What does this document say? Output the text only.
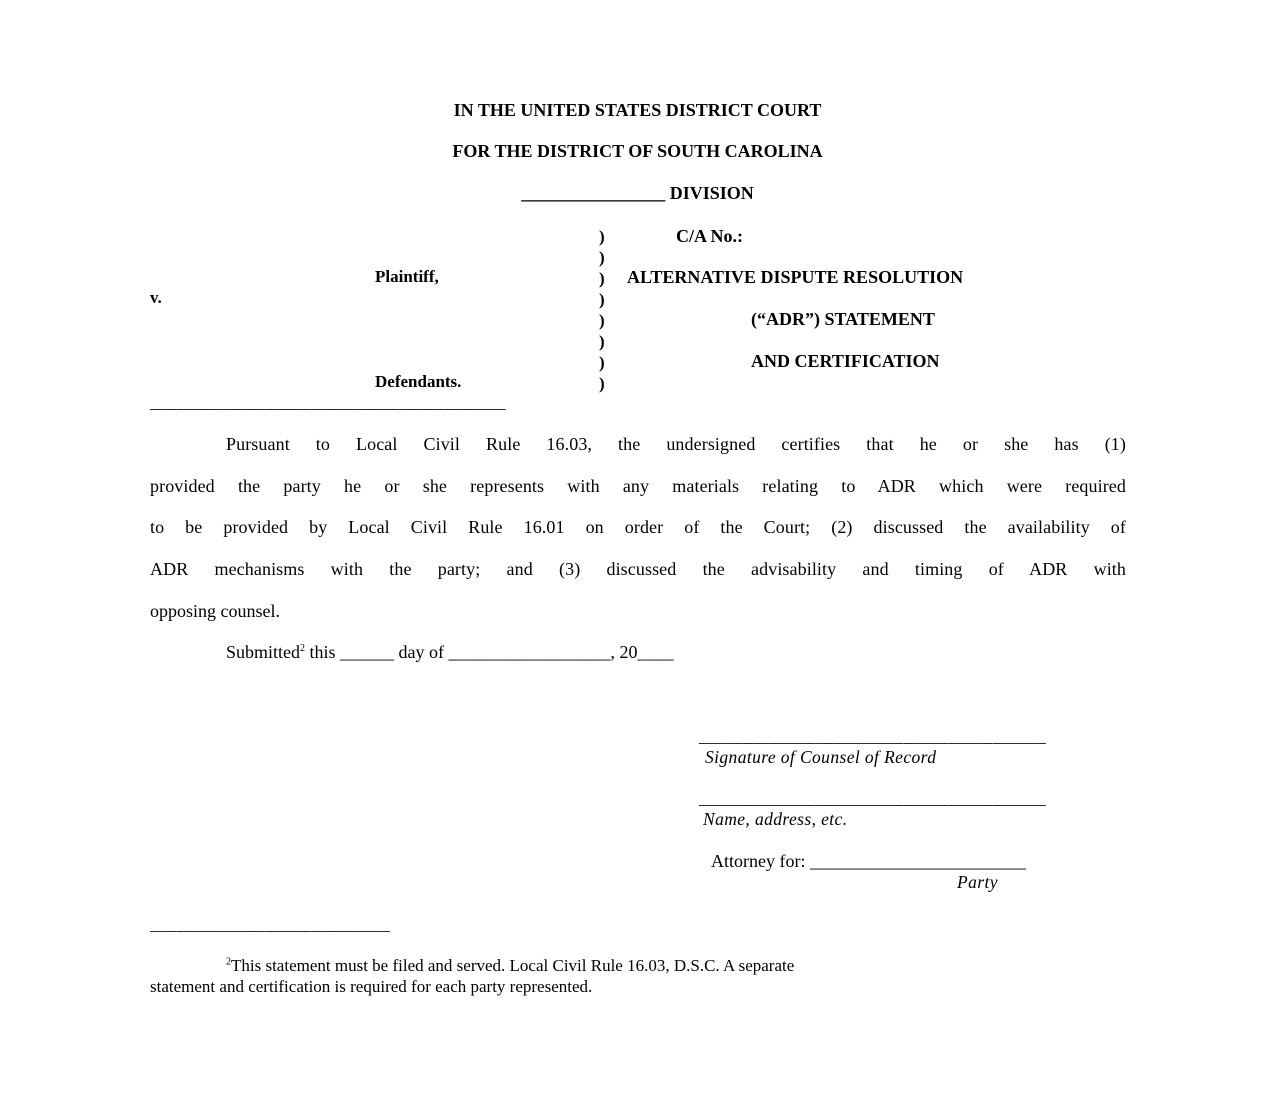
IN THE UNITED STATES DISTRICT COURT
FOR THE DISTRICT OF SOUTH CAROLINA
________________ DIVISION
Plaintiff,
v.
Defendants.
)
)
)
)
)
)
)
)
C/A No.:
ALTERNATIVE DISPUTE RESOLUTION
(“ADR”) STATEMENT
AND CERTIFICATION
________________________________________
Pursuant to Local Civil Rule 16.03, the undersigned certifies that he or she has (1)
provided the party he or she represents with any materials relating to ADR which were required
to be provided by Local Civil Rule 16.01 on order of the Court; (2) discussed the availability of
ADR mechanisms with the party; and (3) discussed the advisability and timing of ADR with
opposing counsel.
Submitted$^2$ this ______ day of __________________, 20____
_______________________________________
Signature of Counsel of Record
_______________________________________
Name, address, etc.
Attorney for: ________________________
Party
___________________________
$^2$This statement must be filed and served. Local Civil Rule 16.03, D.S.C. A separate
statement and certification is required for each party represented.
